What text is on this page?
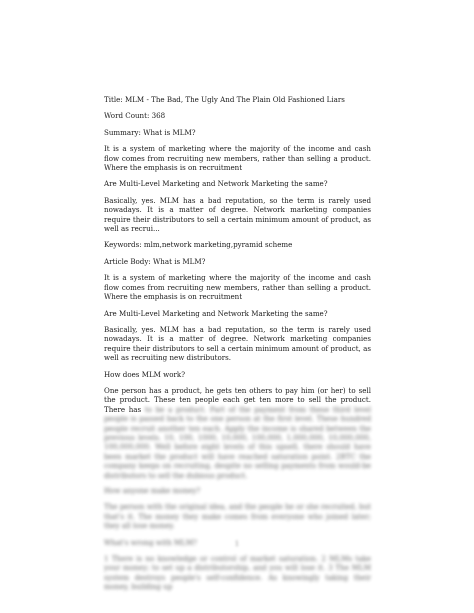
Title: MLM - The Bad, The Ugly And The Plain Old Fashioned Liars

Word Count: 368

Summary: What is MLM?

It is a system of marketing where the majority of the income and cash flow comes from recruiting new members, rather than selling a product. Where the emphasis is on recruitment

Are Multi-Level Marketing and Network Marketing the same?

Basically, yes. MLM has a bad reputation, so the term is rarely used nowadays. It is a matter of degree. Network marketing companies require their distributors to sell a certain minimum amount of product, as well as recrui...

Keywords: mlm,network marketing,pyramid scheme

Article Body: What is MLM?

It is a system of marketing where the majority of the income and cash flow comes from recruiting new members, rather than selling a product. Where the emphasis is on recruitment

Are Multi-Level Marketing and Network Marketing the same?

Basically, yes. MLM has a bad reputation, so the term is rarely used nowadays. It is a matter of degree. Network marketing companies require their distributors to sell a certain minimum amount of product, as well as recruiting new distributors.

How does MLM work?

One person has a product, he gets ten others to pay him (or her) to sell the product. These ten people each get ten more to sell the product. There has to be a product. Part of the payment from these third level people is passed back to the one person at the first level. These hundred people recruit another ten each. Apply the income is shared between the previous levels. 10, 100, 1000, 10,000, 100,000, 1,000,000, 10,000,000, 100,000,000. Well before eight levels of this upsell, there should have been market the product will have reached saturation point. 2BTC the company keeps on recruiting, despite no selling payments from would-be distributors to sell the dubious product.

How anyone make money?

The person with the original idea, and the people he or she recruited, but that's it. The money they make comes from everyone who joined later; they all lose money.

What's wrong with MLM?

1 There is no knowledge or control of market saturation. 2 MLMs take your money; to set up a distributorship, and you will lose it. 3 The MLM system destroys people's self-confidence. As knowingly taking their money, building up

1
